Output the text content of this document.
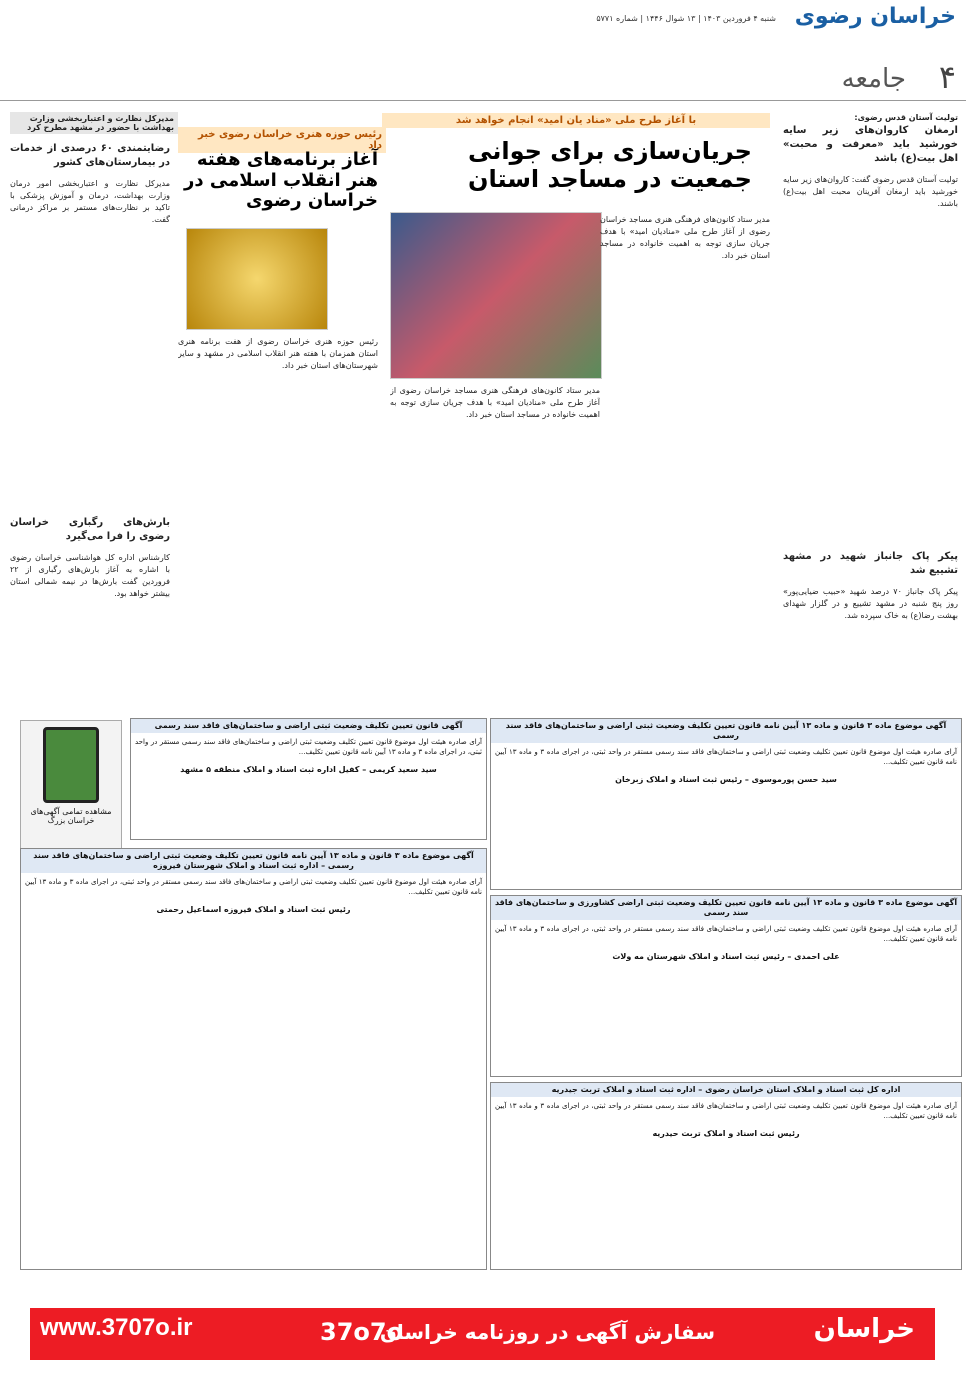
خراسان رضوی
شنبه ۴ فروردین ۱۴۰۳ | ۱۳ شوال ۱۴۴۶ | شماره ۵۷۷۱
۴
جامعه
تولیت آستان قدس رضوی:
ارمغان کاروان‌های زیر سایه خورشید باید «معرفت و محبت» اهل بیت(ع) باشد

تولیت آستان قدس رضوی گفت: کاروان‌های زیر سایه خورشید باید ارمغان آفرینان محبت اهل بیت(ع) باشند.

پیکر پاک جانباز شهید در مشهد تشییع شد

پیکر پاک جانباز ۷۰ درصد شهید «حبیب ضیایی‌پور» روز پنج شنبه در مشهد تشییع و در گلزار شهدای بهشت رضا(ع) به خاک سپرده شد.

با آغاز طرح ملی «مناد یان امید» انجام خواهد شد
جریان‌سازی برای جوانی جمعیت در مساجد استان
مدیر ستاد کانون‌های فرهنگی هنری مساجد خراسان رضوی از آغاز طرح ملی «منادیان امید» با هدف جریان سازی توجه به اهمیت خانواده در مساجد استان خبر داد.
مدیر ستاد کانون‌های فرهنگی هنری مساجد خراسان رضوی از آغاز طرح ملی «منادیان امید» با هدف جریان سازی توجه به اهمیت خانواده در مساجد استان خبر داد.
رئیس حوزه هنری خراسان رضوی خبر داد
آغاز برنامه‌های هفته هنر انقلاب اسلامی در خراسان رضوی
رئیس حوزه هنری خراسان رضوی از هفت برنامه هنری استان همزمان با هفته هنر انقلاب اسلامی در مشهد و سایر شهرستان‌های استان خبر داد.
مدیرکل نظارت و اعتباربخشی وزارت بهداشت با حضور در مشهد مطرح کرد
رضایتمندی ۶۰ درصدی از خدمات در بیمارستان‌های کشور

مدیرکل نظارت و اعتباربخشی امور درمان وزارت بهداشت، درمان و آموزش پزشکی با تاکید بر نظارت‌های مستمر بر مراکز درمانی گفت.

بارش‌های رگباری خراسان رضوی را فرا می‌گیرد

کارشناس اداره کل هواشناسی خراسان رضوی با اشاره به آغاز بارش‌های رگباری از ۲۲ فروردین گفت بارش‌ها در نیمه شمالی استان بیشتر خواهد بود.

آگهی موضوع ماده ۳ قانون و ماده ۱۳ آیین نامه قانون تعیین تکلیف وضعیت ثبتی اراضی و ساختمان‌های فاقد سند رسمی
آرای صادره هیئت اول موضوع قانون تعیین تکلیف وضعیت ثبتی اراضی و ساختمان‌های فاقد سند رسمی مستقر در واحد ثبتی، در اجرای ماده ۳ و ماده ۱۳ آیین نامه قانون تعیین تکلیف...
سید حسن پورموسوی – رئیس ثبت اسناد و املاک زبرخان
آگهی قانون تعیین تکلیف وضعیت ثبتی اراضی و ساختمان‌های فاقد سند رسمی
آرای صادره هیئت اول موضوع قانون تعیین تکلیف وضعیت ثبتی اراضی و ساختمان‌های فاقد سند رسمی مستقر در واحد ثبتی، در اجرای ماده ۳ و ماده ۱۳ آیین نامه قانون تعیین تکلیف...
سید سعید کریمی – کفیل اداره ثبت اسناد و املاک منطقه ۵ مشهد
مشاهده تمامی آگهی‌های خراسان بزرگ
آگهی موضوع ماده ۳ قانون و ماده ۱۳ آیین نامه قانون تعیین تکلیف وضعیت ثبتی اراضی و ساختمان‌های فاقد سند رسمی – اداره ثبت اسناد و املاک شهرستان فیروزه
آرای صادره هیئت اول موضوع قانون تعیین تکلیف وضعیت ثبتی اراضی و ساختمان‌های فاقد سند رسمی مستقر در واحد ثبتی، در اجرای ماده ۳ و ماده ۱۳ آیین نامه قانون تعیین تکلیف...
رئیس ثبت اسناد و املاک فیروزه اسماعیل رحمتی
آگهی موضوع ماده ۳ قانون و ماده ۱۳ آیین نامه قانون تعیین تکلیف وضعیت ثبتی اراضی کشاورزی و ساختمان‌های فاقد سند رسمی
آرای صادره هیئت اول موضوع قانون تعیین تکلیف وضعیت ثبتی اراضی و ساختمان‌های فاقد سند رسمی مستقر در واحد ثبتی، در اجرای ماده ۳ و ماده ۱۳ آیین نامه قانون تعیین تکلیف...
علی احمدی – رئیس ثبت اسناد و املاک شهرستان مه ولات
اداره کل ثبت اسناد و املاک استان خراسان رضوی – اداره ثبت اسناد و املاک تربت جیدریه
آرای صادره هیئت اول موضوع قانون تعیین تکلیف وضعیت ثبتی اراضی و ساختمان‌های فاقد سند رسمی مستقر در واحد ثبتی، در اجرای ماده ۳ و ماده ۱۳ آیین نامه قانون تعیین تکلیف...
رئیس ثبت اسناد و املاک تربت حیدریه
www.3707o.ir	37o7o
سفارش آگهی در روزنامه خراسان	خراسان
